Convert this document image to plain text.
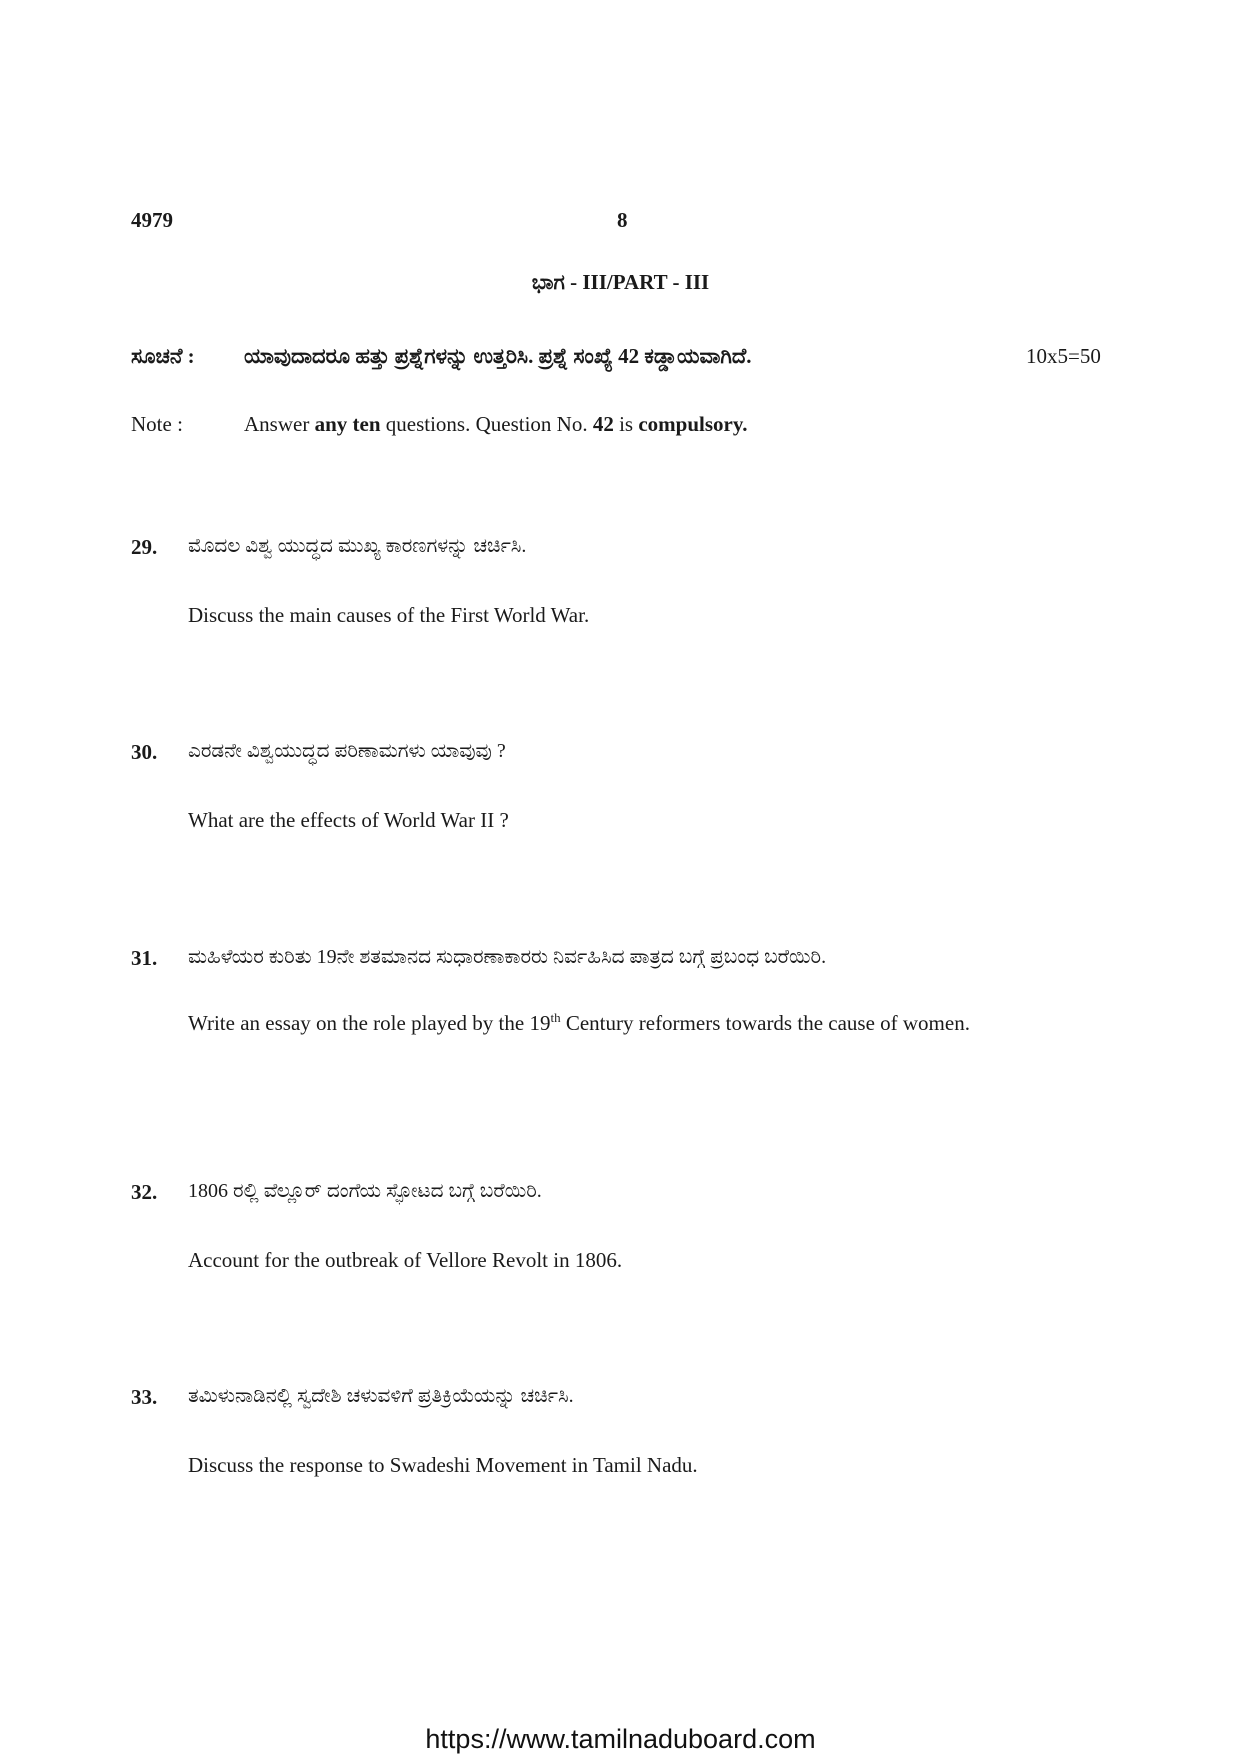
4979	8
ಭಾಗ - III/PART - III
ಸೂಚನೆ : ಯಾವುದಾದರೂ ಹತ್ತು ಪ್ರಶ್ನೆಗಳನ್ನು ಉತ್ತರಿಸಿ. ಪ್ರಶ್ನೆ ಸಂಖ್ಯೆ 42 ಕಡ್ಡಾಯವಾಗಿದೆ.	10x5=50
Note :	Answer any ten questions. Question No. 42 is compulsory.
29. ಮೊದಲ ವಿಶ್ವ ಯುದ್ಧದ ಮುಖ್ಯ ಕಾರಣಗಳನ್ನು ಚರ್ಚಿಸಿ.
Discuss the main causes of the First World War.
30. ಎರಡನೇ ವಿಶ್ವಯುದ್ಧದ ಪರಿಣಾಮಗಳು ಯಾವುವು ?
What are the effects of World War II ?
31. ಮಹಿಳೆಯರ ಕುರಿತು 19ನೇ ಶತಮಾನದ ಸುಧಾರಣಾಕಾರರು ನಿರ್ವಹಿಸಿದ ಪಾತ್ರದ ಬಗ್ಗೆ ಪ್ರಬಂಧ ಬರೆಯಿರಿ.
Write an essay on the role played by the 19th Century reformers towards the cause of women.
32. 1806 ರಲ್ಲಿ ವೆಲ್ಲೂರ್ ದಂಗೆಯ ಸ್ಫೋಟದ ಬಗ್ಗೆ ಬರೆಯಿರಿ.
Account for the outbreak of Vellore Revolt in 1806.
33. ತಮಿಳುನಾಡಿನಲ್ಲಿ ಸ್ವದೇಶಿ ಚಳುವಳಿಗೆ ಪ್ರತಿಕ್ರಿಯೆಯನ್ನು ಚರ್ಚಿಸಿ.
Discuss the response to Swadeshi Movement in Tamil Nadu.
https://www.tamilnaduboard.com
